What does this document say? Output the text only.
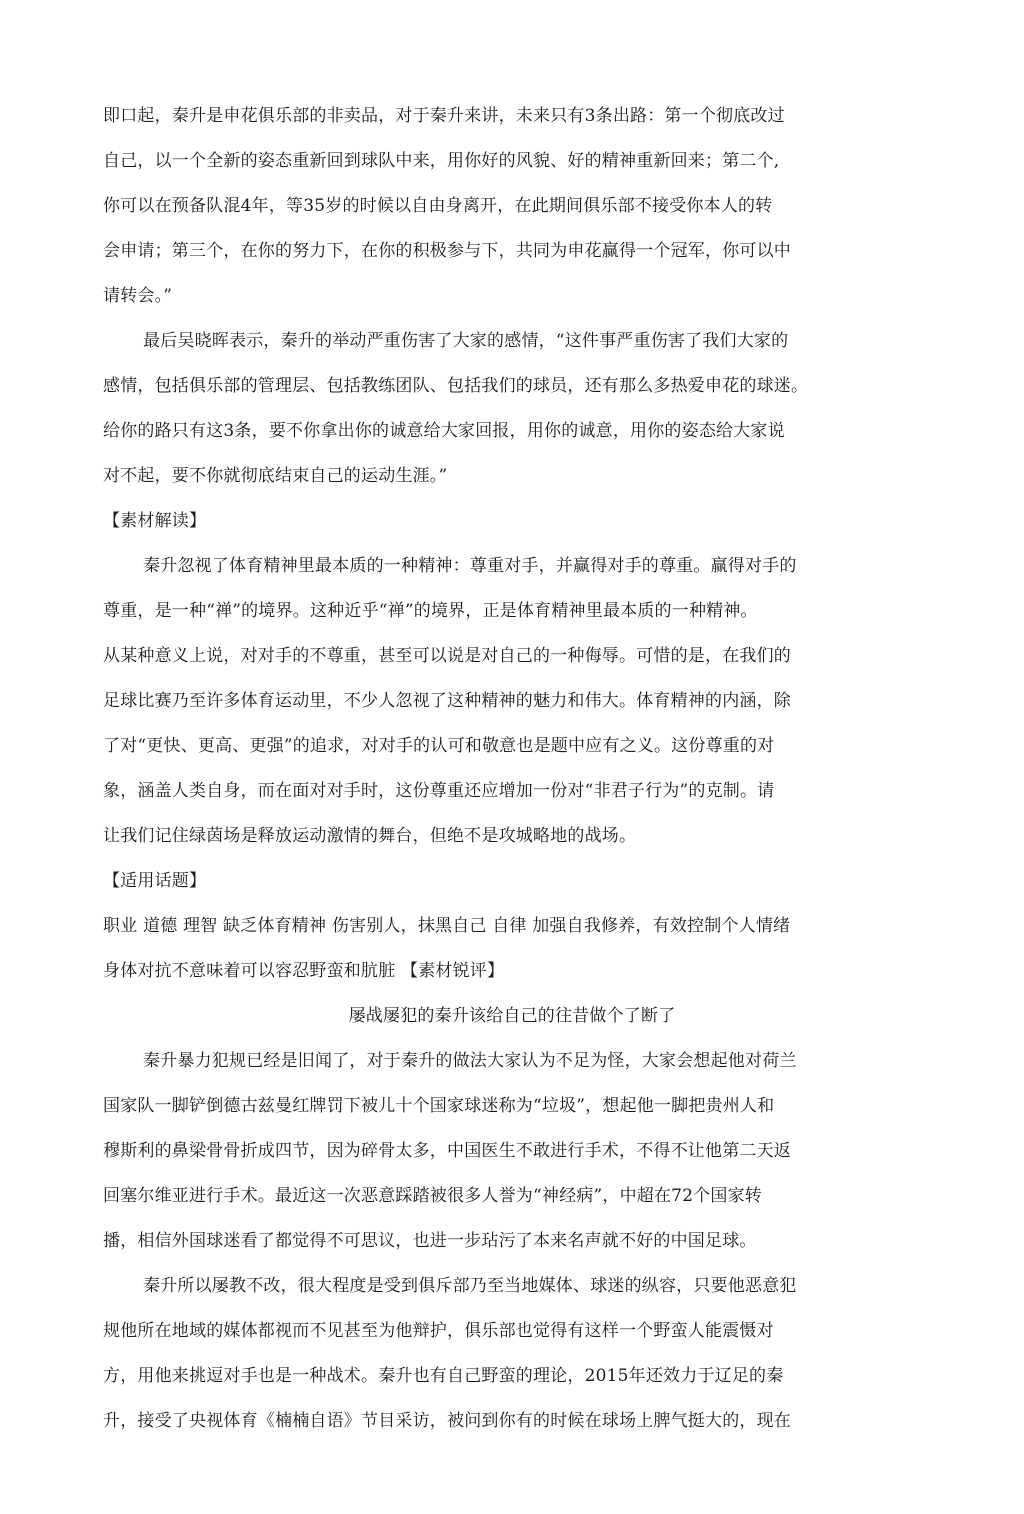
即口起，秦升是申花俱乐部的非卖品，对于秦升来讲，未来只有3条出路：第一个彻底改过
自己，以一个全新的姿态重新回到球队中来，用你好的风貌、好的精神重新回来；第二个,
你可以在预备队混4年，等35岁的时候以自由身离开，在此期间俱乐部不接受你本人的转
会申请；第三个，在你的努力下，在你的积极参与下，共同为申花赢得一个冠军，你可以中
请转会。”
最后吴晓晖表示，秦升的举动严重伤害了大家的感情，“这件事严重伤害了我们大家的
感情，包括俱乐部的管理层、包括教练团队、包括我们的球员，还有那么多热爱申花的球迷。
给你的路只有这3条，要不你拿出你的诚意给大家回报，用你的诚意，用你的姿态给大家说
对不起，要不你就彻底结束自己的运动生涯。”
【素材解读】
秦升忽视了体育精神里最本质的一种精神：尊重对手，并赢得对手的尊重。赢得对手的
尊重，是一种“禅”的境界。这种近乎“禅”的境界，正是体育精神里最本质的一种精神。
从某种意义上说，对对手的不尊重，甚至可以说是对自己的一种侮辱。可惜的是，在我们的
足球比赛乃至许多体育运动里，不少人忽视了这种精神的魅力和伟大。体育精神的内涵，除
了对“更快、更高、更强”的追求，对对手的认可和敬意也是题中应有之义。这份尊重的对
象，涵盖人类自身，而在面对对手时，这份尊重还应增加一份对“非君子行为”的克制。请
让我们记住绿茵场是释放运动激情的舞台，但绝不是攻城略地的战场。
【适用话题】
职业 道德 理智 缺乏体育精神 伤害别人，抹黑自己 自律 加强自我修养，有效控制个人情绪
身体对抗不意味着可以容忍野蛮和肮脏 【素材锐评】
屡战屡犯的秦升该给自己的往昔做个了断了
秦升暴力犯规已经是旧闻了，对于秦升的做法大家认为不足为怪，大家会想起他对荷兰
国家队一脚铲倒德古兹曼红牌罚下被儿十个国家球迷称为“垃圾”，想起他一脚把贵州人和
穆斯利的鼻梁骨骨折成四节，因为碎骨太多，中国医生不敢进行手术，不得不让他第二天返
回塞尔维亚进行手术。最近这一次恶意踩踏被很多人誉为“神经病”，中超在72个国家转
播，相信外国球迷看了都觉得不可思议，也进一步玷污了本来名声就不好的中国足球。
秦升所以屡教不改，很大程度是受到俱斥部乃至当地媒体、球迷的纵容，只要他恶意犯
规他所在地域的媒体都视而不见甚至为他辩护，俱乐部也觉得有这样一个野蛮人能震慑对
方，用他来挑逗对手也是一种战术。秦升也有自己野蛮的理论，2015年还效力于辽足的秦
升，接受了央视体育《楠楠自语》节目采访，被问到你有的时候在球场上脾气挺大的，现在
